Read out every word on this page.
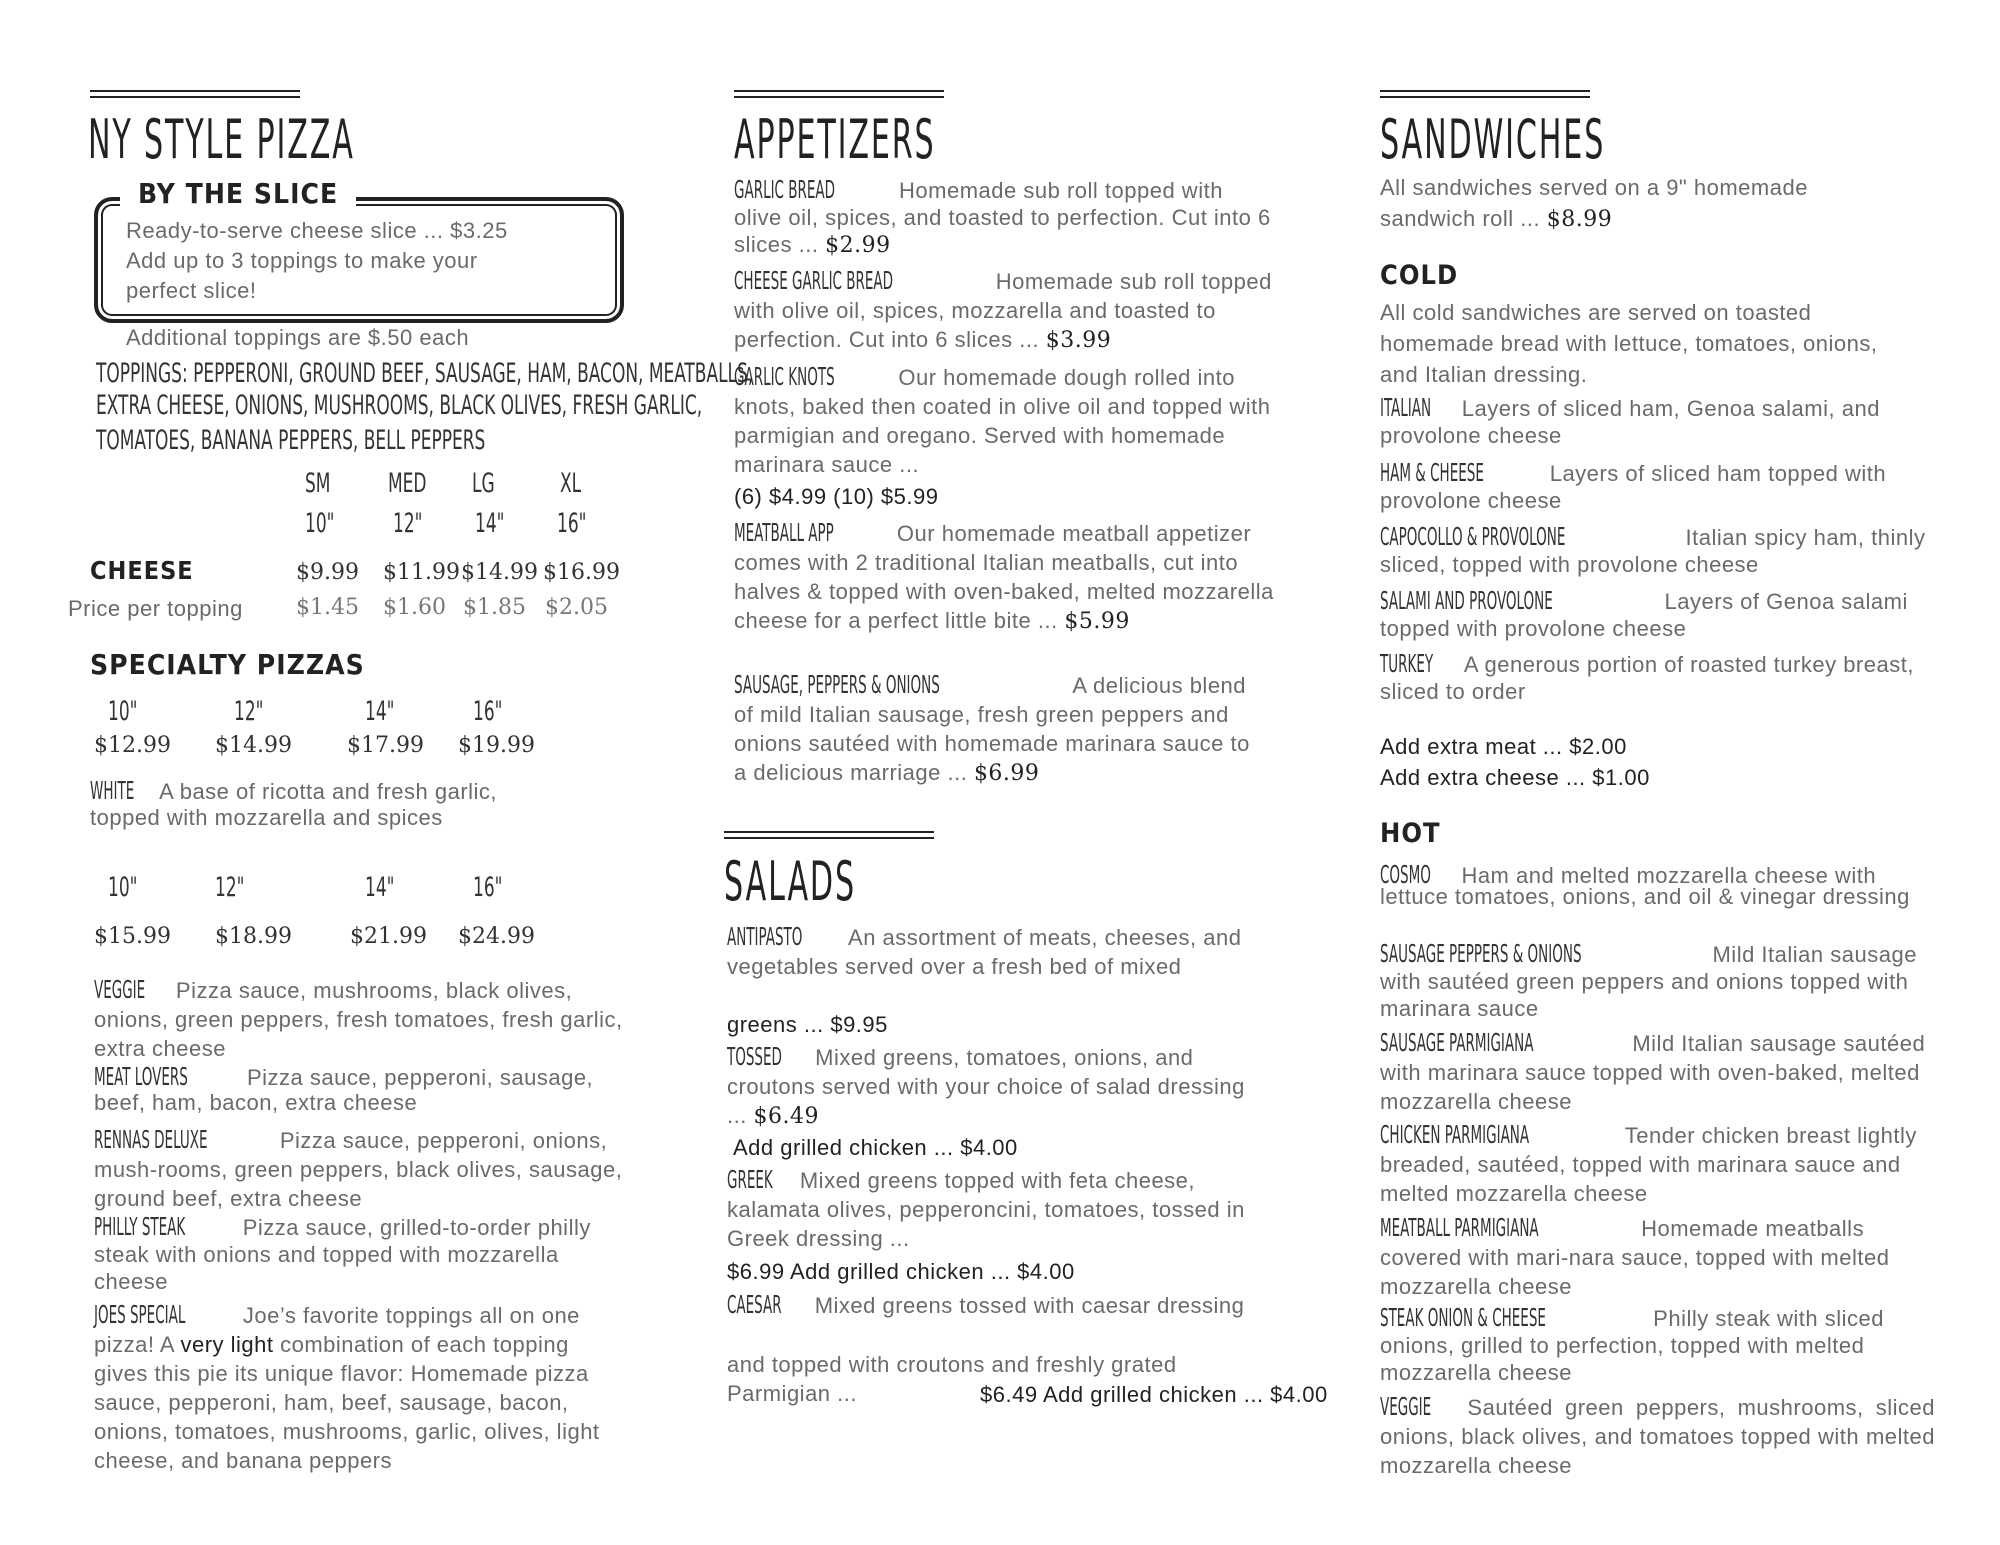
NY STYLE PIZZA
BY THE SLICE
Ready-to-serve cheese slice ... $3.25
Add up to 3 toppings to make your
perfect slice!
Additional toppings are $.50 each
TOPPINGS: PEPPERONI, GROUND BEEF, SAUSAGE, HAM, BACON, MEATBALLS,
EXTRA CHEESE, ONIONS, MUSHROOMS, BLACK OLIVES, FRESH GARLIC,
TOMATOES, BANANA PEPPERS, BELL PEPPERS
SM MED LG XL
10" 12" 14" 16"
CHEESE	$9.99 $11.99 $14.99 $16.99
Price per topping $1.45 $1.60 $1.85 $2.05
SPECIALTY PIZZAS
10"	12"	14"	16"
$12.99 $14.99	$17.99 $19.99
WHITE A base of ricotta and fresh garlic, topped with mozzarella and spices
10"	12"	14"	16"
$15.99 $18.99	$21.99 $24.99
VEGGIE Pizza sauce, mushrooms, black olives, onions, green peppers, fresh tomatoes, fresh garlic, extra cheese
MEAT LOVERS	Pizza sauce, pepperoni, sausage, beef, ham, bacon, extra cheese
RENNAS DELUXE	Pizza sauce, pepperoni, onions, mush-rooms, green peppers, black olives, sausage, ground beef, extra cheese
PHILLY STEAK	Pizza sauce, grilled-to-order philly steak with onions and topped with mozzarella cheese
JOES SPECIAL	Joe’s favorite toppings all on one pizza! A very light combination of each topping gives this pie its unique flavor: Homemade pizza sauce, pepperoni, ham, beef, sausage, bacon, onions, tomatoes, mushrooms, garlic, olives, light cheese, and banana peppers
APPETIZERS
GARLIC BREAD	Homemade sub roll topped with olive oil, spices, and toasted to perfection. Cut into 6 slices ... $2.99
CHEESE GARLIC BREAD	Homemade sub roll topped with olive oil, spices, mozzarella and toasted to perfection. Cut into 6 slices ... $3.99
GARLIC KNOTS	Our homemade dough rolled into knots, baked then coated in olive oil and topped with parmigian and oregano. Served with homemade marinara sauce ...
(6) $4.99 (10) $5.99
MEATBALL APP	Our homemade meatball appetizer comes with 2 traditional Italian meatballs, cut into halves & topped with oven-baked, melted mozzarella cheese for a perfect little bite ... $5.99
SAUSAGE, PEPPERS & ONIONS	A delicious blend of mild Italian sausage, fresh green peppers and onions sautéed with homemade marinara sauce to a delicious marriage ... $6.99
SALADS
ANTIPASTO An assortment of meats, cheeses, and vegetables served over a fresh bed of mixed
greens ... $9.95
TOSSED Mixed greens, tomatoes, onions, and croutons served with your choice of salad dressing ... $6.49
Add grilled chicken ... $4.00
GREEK Mixed greens topped with feta cheese, kalamata olives, pepperoncini, tomatoes, tossed in Greek dressing ...
$6.99 Add grilled chicken ... $4.00
CAESAR Mixed greens tossed with caesar dressing
and topped with croutons and freshly grated Parmigian ...	$6.49 Add grilled chicken ... $4.00
SANDWICHES
All sandwiches served on a 9" homemade sandwich roll ... $8.99
COLD
All cold sandwiches are served on toasted homemade bread with lettuce, tomatoes, onions, and Italian dressing.
ITALIAN Layers of sliced ham, Genoa salami, and provolone cheese
HAM & CHEESE	Layers of sliced ham topped with provolone cheese
CAPOCOLLO & PROVOLONE	Italian spicy ham, thinly sliced, topped with provolone cheese
SALAMI AND PROVOLONE	Layers of Genoa salami topped with provolone cheese
TURKEY A generous portion of roasted turkey breast, sliced to order
Add extra meat ... $2.00
Add extra cheese ... $1.00
HOT
COSMO Ham and melted mozzarella cheese with lettuce tomatoes, onions, and oil & vinegar dressing
SAUSAGE PEPPERS & ONIONS	Mild Italian sausage with sautéed green peppers and onions topped with marinara sauce
SAUSAGE PARMIGIANA	Mild Italian sausage sautéed with marinara sauce topped with oven-baked, melted mozzarella cheese
CHICKEN PARMIGIANA	Tender chicken breast lightly breaded, sautéed, topped with marinara sauce and melted mozzarella cheese
MEATBALL PARMIGIANA	Homemade meatballs covered with mari-nara sauce, topped with melted mozzarella cheese
STEAK ONION & CHEESE	Philly steak with sliced onions, grilled to perfection, topped with melted mozzarella cheese
VEGGIE Sautéed green peppers, mushrooms, sliced onions, black olives, and tomatoes topped with melted mozzarella cheese
